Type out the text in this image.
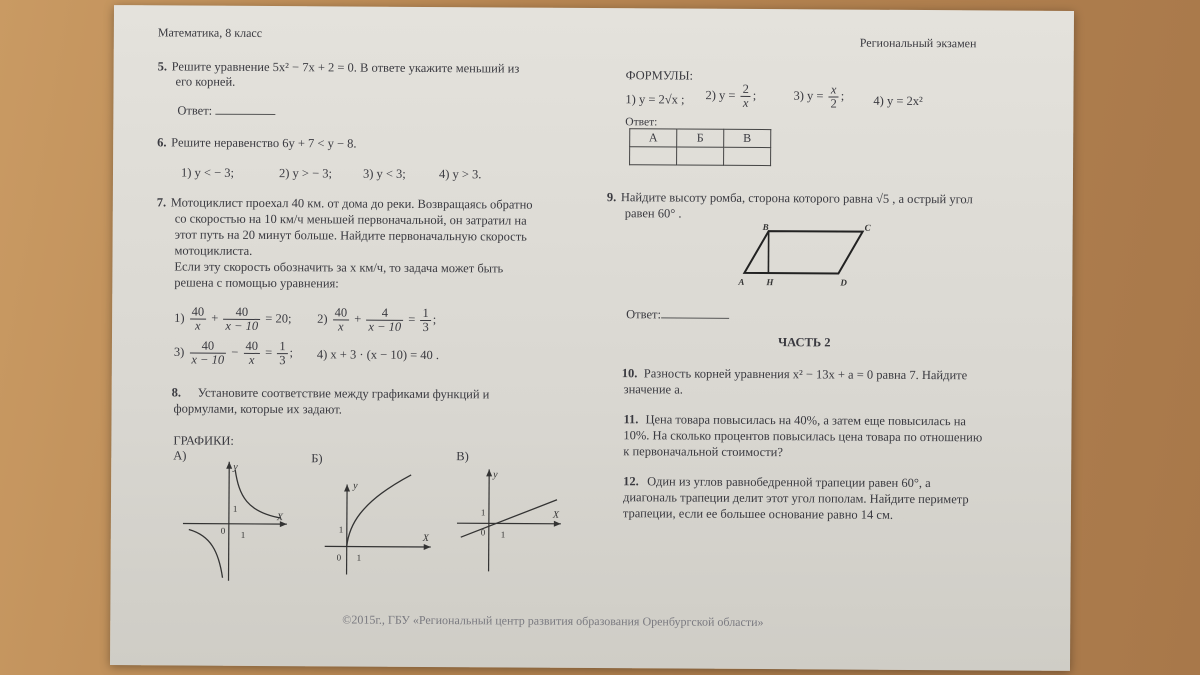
Математика, 8 класс
Региональный экзамен
5. Решите уравнение 5x² − 7x + 2 = 0. В ответе укажите меньший из
его корней.
Ответ:
6. Решите неравенство 6y + 7 < y − 8.
1) y < − 3;	2) y > − 3; 3) y < 3;	4) y > 3.
7. Мотоциклист проехал 40 км. от дома до реки. Возвращаясь обратно
со скоростью на 10 км/ч меньшей первоначальной, он затратил на
этот путь на 20 минут больше. Найдите первоначальную скорость
мотоциклиста.
Если эту скорость обозначить за x км/ч, то задача может быть
решена с помощью уравнения:
$1) \frac{40}{x} + \frac{40}{x - 10} = 20$; $2) \frac{40}{x} + \frac{4}{x - 10} = \frac{1}{3}$ ;
$3) \frac{40}{x - 10} - \frac{40}{x} = \frac{1}{3}$ ; 4) x + 3 · (x − 10) = 40 .
8. Установите соответствие между графиками функций и
формулами, которые их задают.
ГРАФИКИ:
А)	Б)	В)
y
X
0 1
1
y
X
0 1
1
y
X
0 1
1
ФОРМУЛЫ:
1) y = 2√x ; 2) $y = \frac{2}{x}$ ;	3) $y = \frac{x}{2}$ ; 4) y = 2x²
Ответ:
А	Б	В

9. Найдите высоту ромба, сторона которого равна √5 , а острый угол
равен 60° .
B	C
A H	D
Ответ:
ЧАСТЬ 2
10. Разность корней уравнения x² − 13x + a = 0 равна 7. Найдите
значение a.
11. Цена товара повысилась на 40%, а затем еще повысилась на
10%. На сколько процентов повысилась цена товара по отношению
к первоначальной стоимости?
12. Один из углов равнобедренной трапеции равен 60°, а
диагональ трапеции делит этот угол пополам. Найдите периметр
трапеции, если ее большее основание равно 14 см.
©2015г., ГБУ «Региональный центр развития образования Оренбургской области»
